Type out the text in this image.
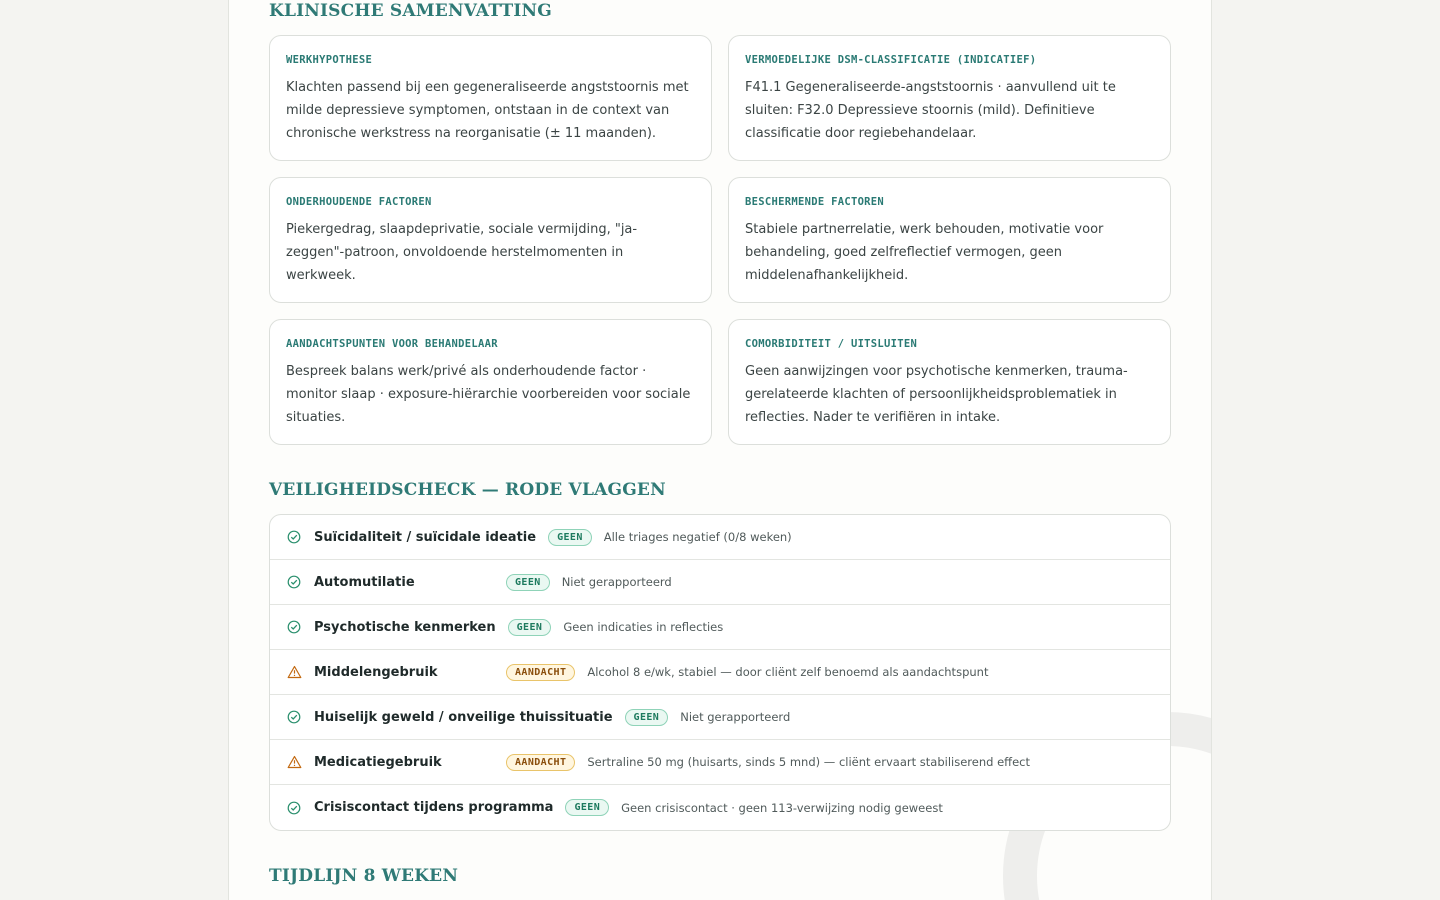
KLINISCHE SAMENVATTING
WERKHYPOTHESE
Klachten passend bij een gegeneraliseerde angststoornis met milde depressieve symptomen, ontstaan in de context van chronische werkstress na reorganisatie (± 11 maanden).
VERMOEDELIJKE DSM-CLASSIFICATIE (INDICATIEF)
F41.1 Gegeneraliseerde-angststoornis · aanvullend uit te sluiten: F32.0 Depressieve stoornis (mild). Definitieve classificatie door regiebehandelaar.
ONDERHOUDENDE FACTOREN
Piekergedrag, slaapdeprivatie, sociale vermijding, "ja-zeggen"-patroon, onvoldoende herstelmomenten in werkweek.
BESCHERMENDE FACTOREN
Stabiele partnerrelatie, werk behouden, motivatie voor behandeling, goed zelfreflectief vermogen, geen middelenafhankelijkheid.
AANDACHTSPUNTEN VOOR BEHANDELAAR
Bespreek balans werk/privé als onderhoudende factor · monitor slaap · exposure-hiërarchie voorbereiden voor sociale situaties.
COMORBIDITEIT / UITSLUITEN
Geen aanwijzingen voor psychotische kenmerken, trauma-gerelateerde klachten of persoonlijkheidsproblematiek in reflecties. Nader te verifiëren in intake.
VEILIGHEIDSCHECK — RODE VLAGGEN
Suïcidaliteit / suïcidale ideatie	GEEN	Alle triages negatief (0/8 weken)
Automutilatie	GEEN	Niet gerapporteerd
Psychotische kenmerken	GEEN	Geen indicaties in reflecties
Middelengebruik	AANDACHT	Alcohol 8 e/wk, stabiel — door cliënt zelf benoemd als aandachtspunt
Huiselijk geweld / onveilige thuissituatie	GEEN	Niet gerapporteerd
Medicatiegebruik	AANDACHT	Sertraline 50 mg (huisarts, sinds 5 mnd) — cliënt ervaart stabiliserend effect
Crisiscontact tijdens programma	GEEN	Geen crisiscontact · geen 113-verwijzing nodig geweest
TIJDLIJN 8 WEKEN
